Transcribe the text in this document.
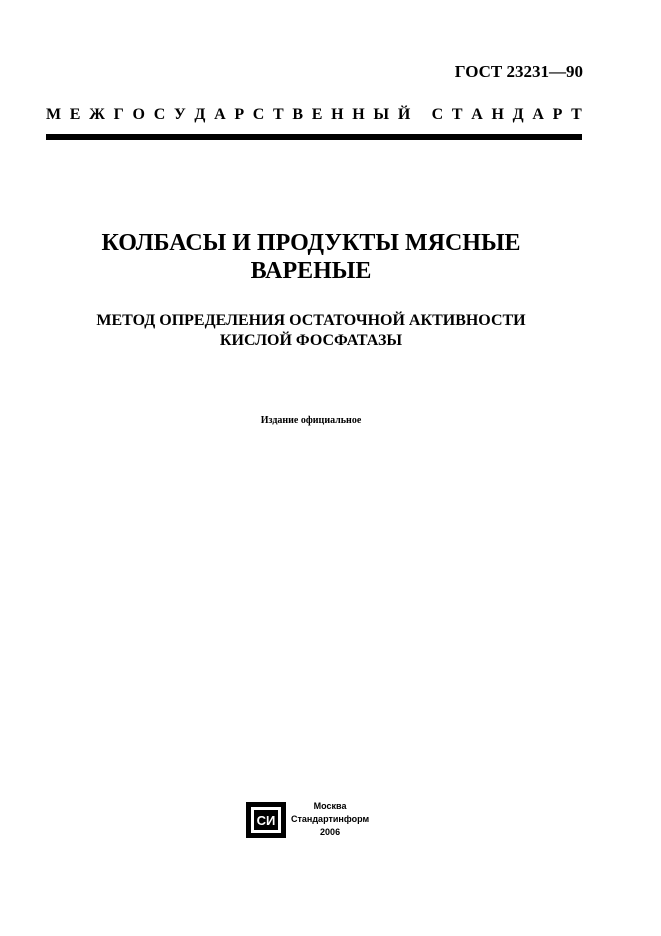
ГОСТ 23231—90
М Е Ж Г О С У Д А Р С Т В Е Н Н Ы Й
С Т А Н Д А Р Т
КОЛБАСЫ И ПРОДУКТЫ МЯСНЫЕ
ВАРЕНЫЕ
МЕТОД ОПРЕДЕЛЕНИЯ ОСТАТОЧНОЙ АКТИВНОСТИ
КИСЛОЙ ФОСФАТАЗЫ
Издание официальное
СИ
Москва
Стандартинформ
2006
